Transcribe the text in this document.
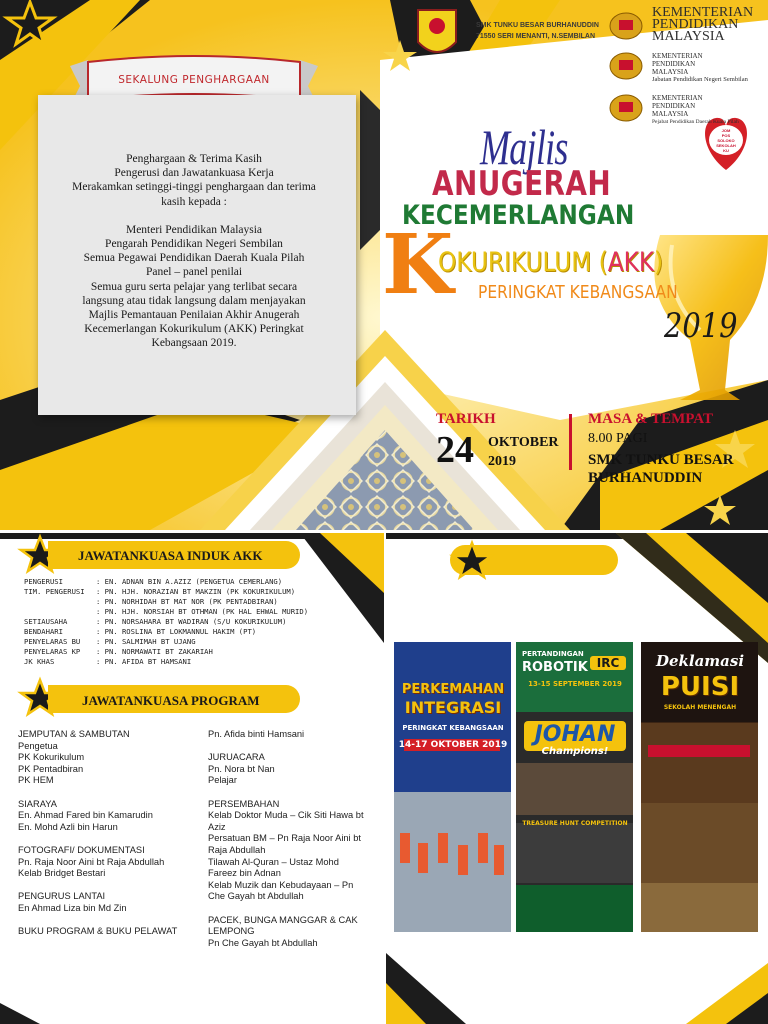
SEKALUNG PENGHARGAAN

Penghargaan & Terima Kasih

Pengerusi dan Jawatankuasa Kerja

Merakamkan setinggi-tinggi penghargaan dan terima

kasih kepada :

Menteri Pendidikan Malaysia

Pengarah Pendidikan Negeri Sembilan

Semua Pegawai Pendidikan Daerah Kuala Pilah

Panel – panel penilai

Semua guru serta pelajar yang terlibat secara

langsung atau tidak langsung dalam menjayakan

Majlis Pemantauan Penilaian Akhir Anugerah

Kecemerlangan Kokurikulum (AKK) Peringkat

Kebangsaan 2019.

SMK TUNKU BESAR BURHANUDDIN
71550 SERI MENANTI, N.SEMBILAN
KEMENTERIAN
PENDIDIKAN
MALAYSIA
KEMENTERIAN
PENDIDIKAN
MALAYSIA
Jabatan Pendidikan Negeri Sembilan
KEMENTERIAN
PENDIDIKAN
MALAYSIA
Pejabat Pendidikan Daerah Kuala Pilah
JOM
POS
SOLOKO
SEKOLAH
KU
Majlis
ANUGERAH
KECEMERLANGAN
K
OKURIKULUM (AKK)
PERINGKAT KEBANGSAAN
2019
TARIKH
24 OKTOBER
2019
MASA & TEMPAT
8.00 PAGI
SMK TUNKU BESAR
BURHANUDDIN
JAWATANKUASA INDUK AKK
PENGERUSI	: EN. ADNAN BIN A.AZIZ (PENGETUA CEMERLANG)
TIM. PENGERUSI	: PN. HJH. NORAZIAN BT MAKZIN (PK KOKURIKULUM)
: PN. NORHIDAH BT MAT NOR (PK PENTADBIRAN)
: PN. HJH. NORSIAH BT OTHMAN (PK HAL EHWAL MURID)
SETIAUSAHA	: PN. NORSAHARA BT WADIRAN (S/U KOKURIKULUM)
BENDAHARI	: PN. ROSLINA BT LOKMANNUL HAKIM (PT)
PENYELARAS BU	: PN. SALMIMAH BT UJANG
PENYELARAS KP	: PN. NORMAWATI BT ZAKARIAH
JK KHAS	: PN. AFIDA BT HAMSANI
JAWATANKUASA PROGRAM
JEMPUTAN & SAMBUTAN
Pengetua
PK Kokurikulum
PK Pentadbiran
PK HEM
SIARAYA
En. Ahmad Fared bin Kamarudin
En. Mohd Azli bin Harun
FOTOGRAFI/ DOKUMENTASI
Pn. Raja Noor Aini bt Raja Abdullah
Kelab Bridget Bestari
PENGURUS LANTAI
En Ahmad Liza bin Md Zin
BUKU PROGRAM & BUKU PELAWAT
Pn. Afida binti Hamsani
JURUACARA
Pn. Nora bt Nan
Pelajar
PERSEMBAHAN
Kelab Doktor Muda – Cik Siti Hawa bt
Aziz
Persatuan BM – Pn Raja Noor Aini bt
Raja Abdullah
Tilawah Al-Quran – Ustaz Mohd
Fareez bin Adnan
Kelab Muzik dan Kebudayaan – Pn
Che Gayah bt Abdullah
PACEK, BUNGA MANGGAR & CAK
LEMPONG
Pn Che Gayah bt Abdullah
PERKEMAHAN
INTEGRASI
PERINGKAT KEBANGSAAN
14-17 OKTOBER 2019
PERTANDINGAN
ROBOTIK IRC
13-15 SEPTEMBER 2019
JOHAN
Champions!
TREASURE HUNT COMPETITION
Deklamasi
PUISI
SEKOLAH MENENGAH
